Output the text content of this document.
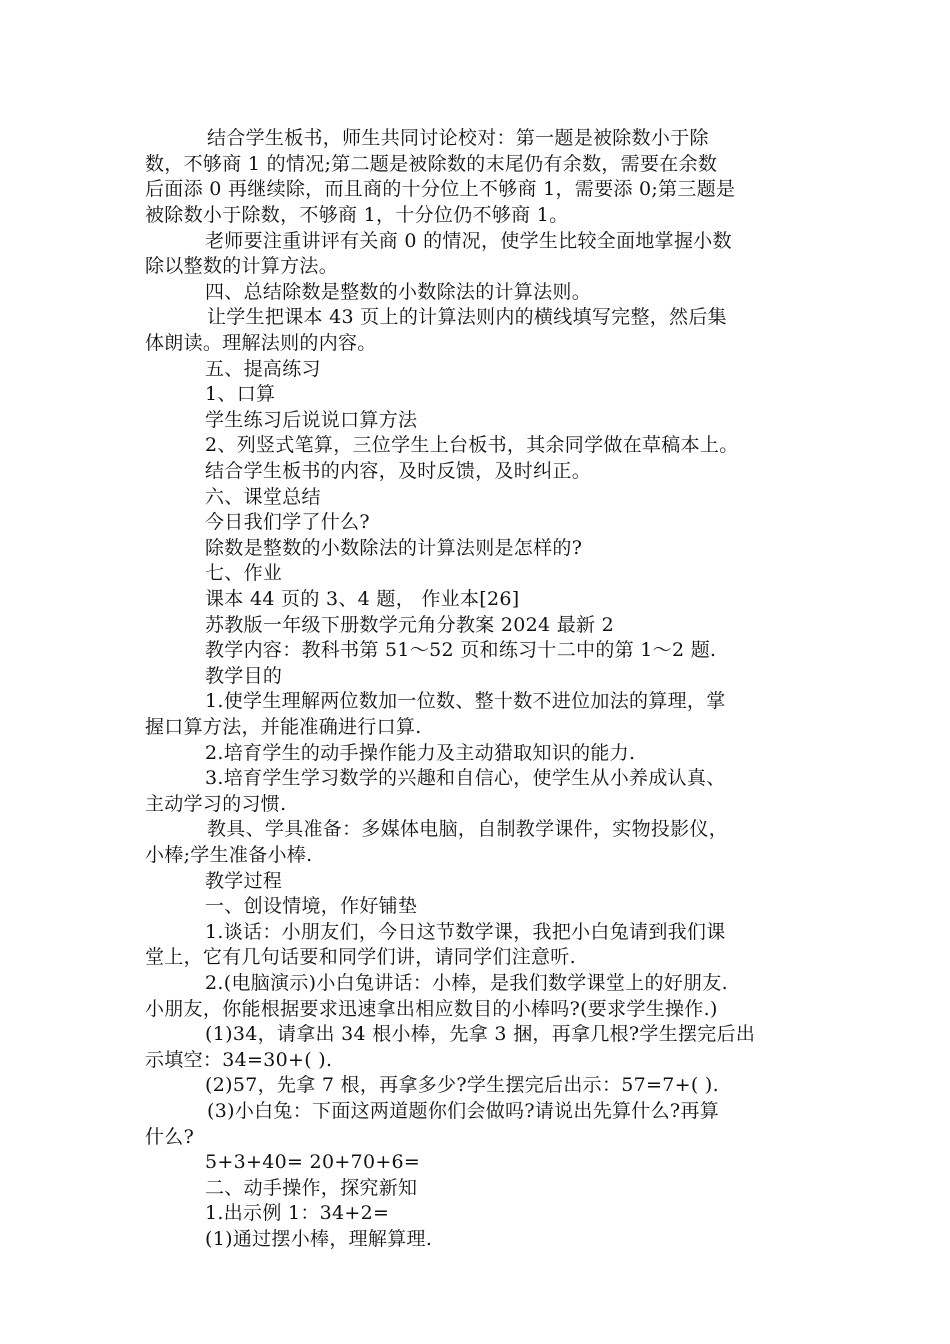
结合学生板书，师生共同讨论校对：第一题是被除数小于除
数，不够商 1 的情况;第二题是被除数的末尾仍有余数，需要在余数
后面添 0 再继续除，而且商的十分位上不够商 1，需要添 0;第三题是
被除数小于除数，不够商 1，十分位仍不够商 1。
老师要注重讲评有关商 0 的情况，使学生比较全面地掌握小数
除以整数的计算方法。
四、总结除数是整数的小数除法的计算法则。
让学生把课本 43 页上的计算法则内的横线填写完整，然后集
体朗读。理解法则的内容。
五、提高练习
1、口算
学生练习后说说口算方法
2、列竖式笔算，三位学生上台板书，其余同学做在草稿本上。
结合学生板书的内容，及时反馈，及时纠正。
六、课堂总结
今日我们学了什么?
除数是整数的小数除法的计算法则是怎样的?
七、作业
课本 44 页的 3、4 题， 作业本[26]
苏教版一年级下册数学元角分教案 2024 最新 2
教学内容：教科书第 51～52 页和练习十二中的第 1～2 题.
教学目的
1.使学生理解两位数加一位数、整十数不进位加法的算理，掌
握口算方法，并能准确进行口算.
2.培育学生的动手操作能力及主动猎取知识的能力.
3.培育学生学习数学的兴趣和自信心，使学生从小养成认真、
主动学习的习惯.
教具、学具准备：多媒体电脑，自制教学课件，实物投影仪，
小棒;学生准备小棒.
教学过程
一、创设情境，作好铺垫
1.谈话：小朋友们，今日这节数学课，我把小白兔请到我们课
堂上，它有几句话要和同学们讲，请同学们注意听.
2.(电脑演示)小白兔讲话：小棒，是我们数学课堂上的好朋友.
小朋友，你能根据要求迅速拿出相应数目的小棒吗?(要求学生操作.)
(1)34，请拿出 34 根小棒，先拿 3 捆，再拿几根?学生摆完后出
示填空：34=30+( ).
(2)57，先拿 7 根，再拿多少?学生摆完后出示：57=7+( ).
(3)小白兔：下面这两道题你们会做吗?请说出先算什么?再算
什么?
5+3+40= 20+70+6=
二、动手操作，探究新知
1.出示例 1：34+2=
(1)通过摆小棒，理解算理.
